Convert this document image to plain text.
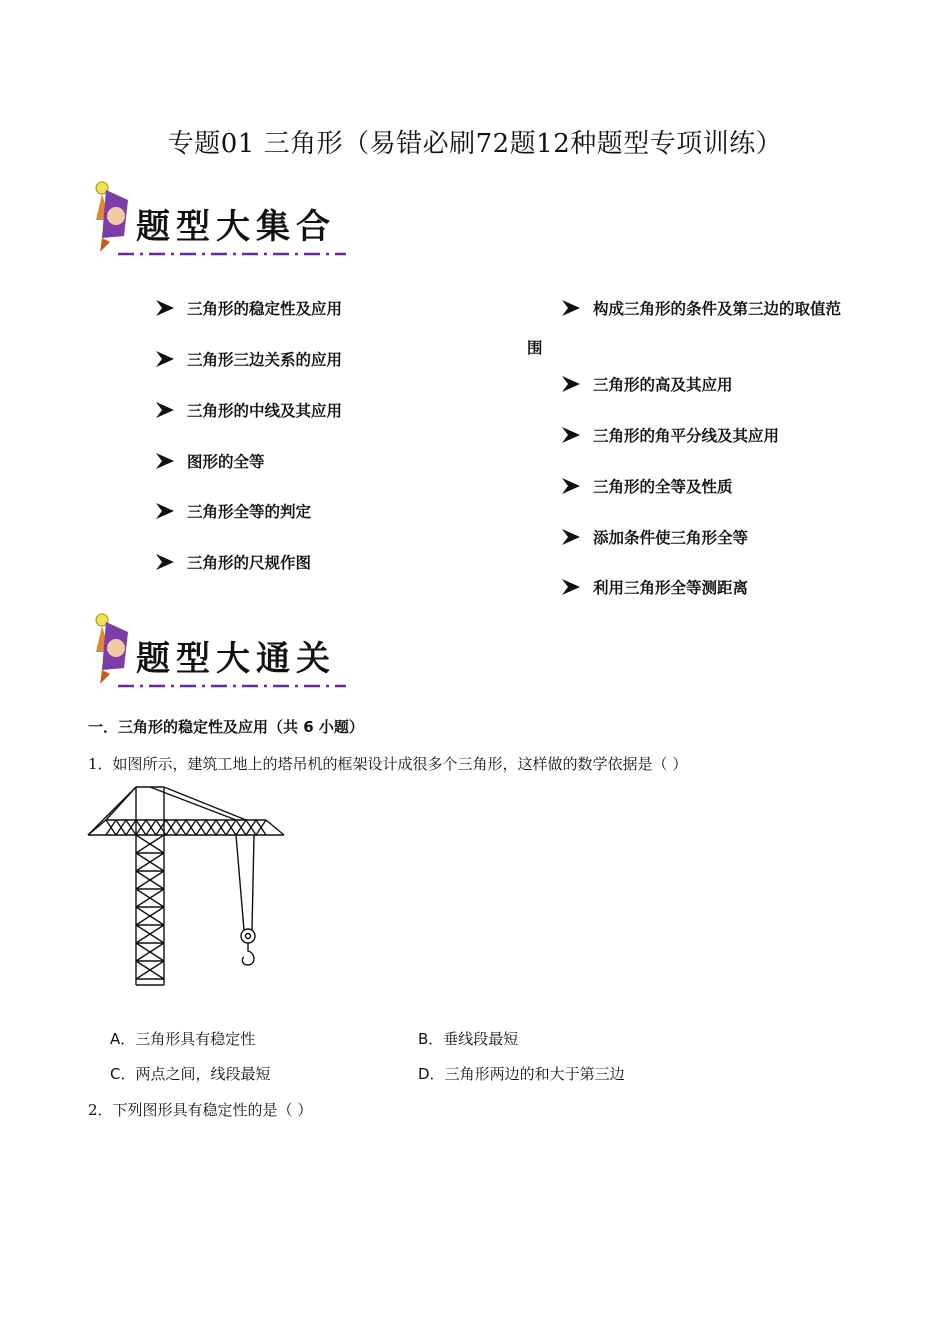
专题01 三角形（易错必刷72题12种题型专项训练）
题型大集合
三角形的稳定性及应用
三角形三边关系的应用
三角形的中线及其应用
图形的全等
三角形全等的判定
三角形的尺规作图
构成三角形的条件及第三边的取值范
围
三角形的高及其应用
三角形的角平分线及其应用
三角形的全等及性质
添加条件使三角形全等
利用三角形全等测距离
题型大通关
一．三角形的稳定性及应用（共 6 小题）
1．如图所示，建筑工地上的塔吊机的框架设计成很多个三角形，这样做的数学依据是（ ）
A．三角形具有稳定性	B．垂线段最短
C．两点之间，线段最短	D．三角形两边的和大于第三边
2．下列图形具有稳定性的是（ ）
